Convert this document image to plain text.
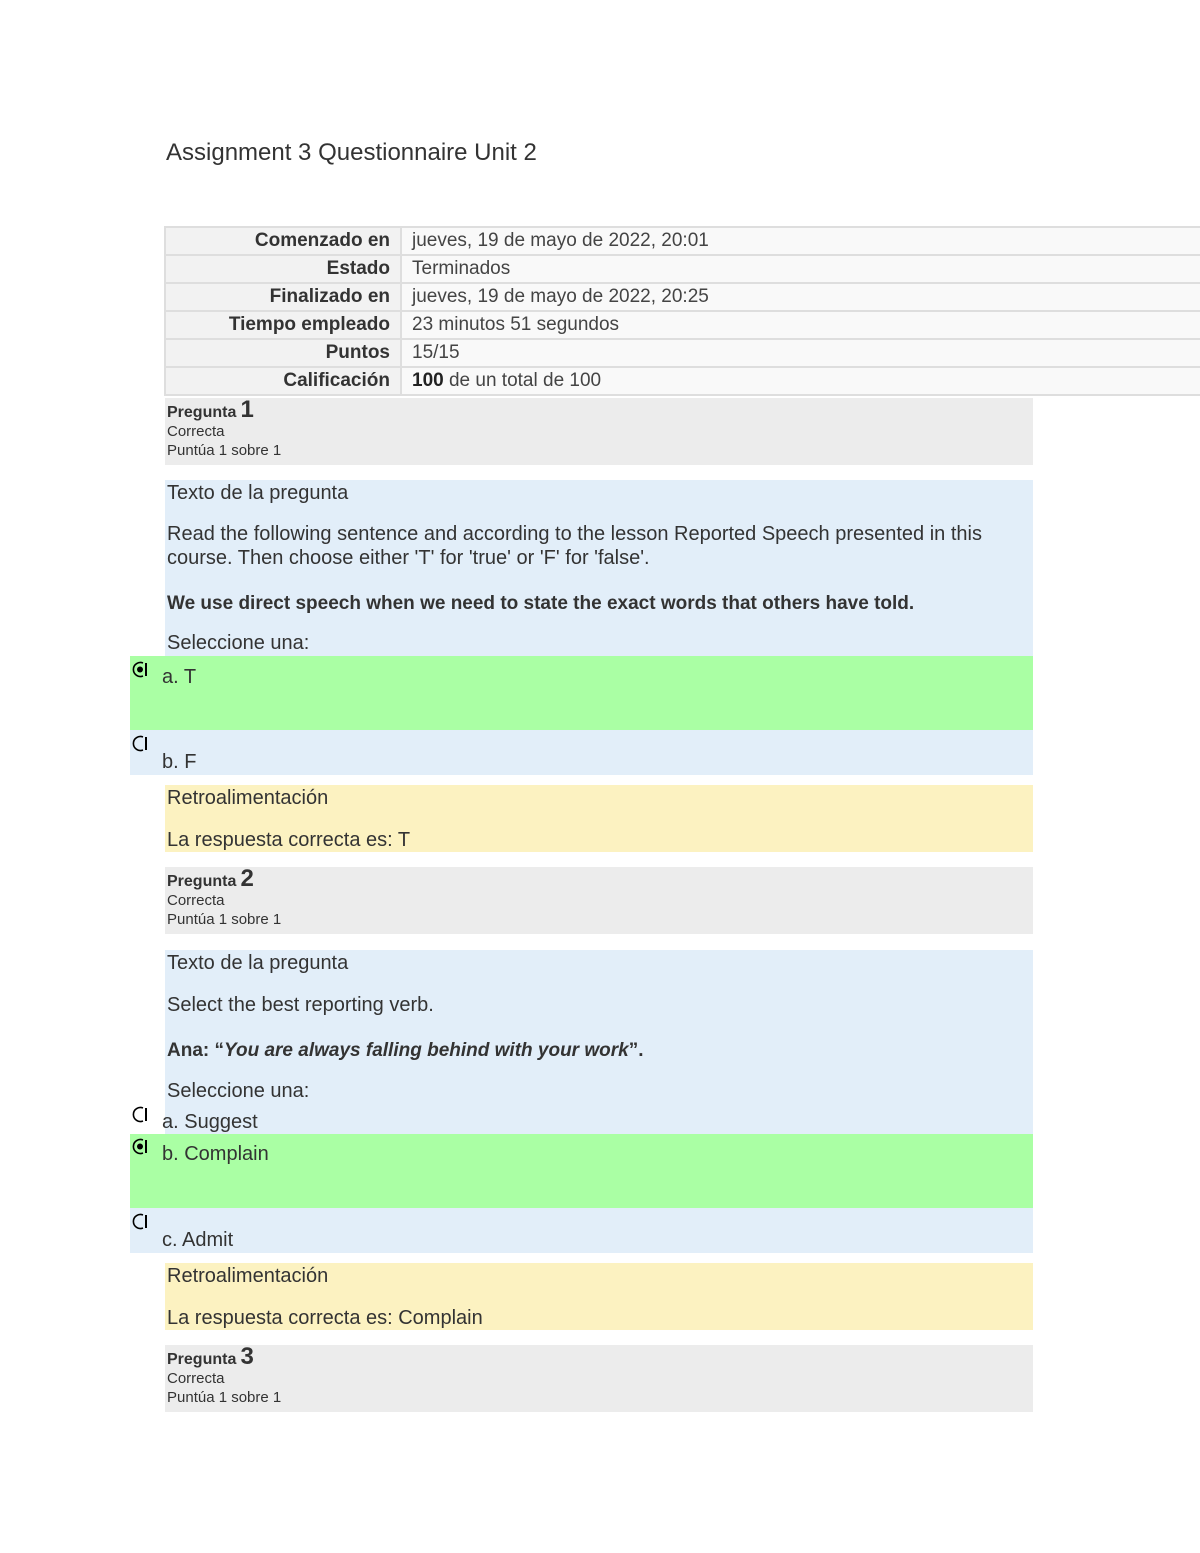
Assignment 3 Questionnaire Unit 2
Comenzado en	jueves, 19 de mayo de 2022, 20:01
Estado	Terminados
Finalizado en	jueves, 19 de mayo de 2022, 20:25
Tiempo empleado	23 minutos 51 segundos
Puntos	15/15
Calificación	100 de un total de 100
Pregunta 1
Correcta
Puntúa 1 sobre 1
Texto de la pregunta
Read the following sentence and according to the lesson Reported Speech presented in this course. Then choose either 'T' for 'true' or 'F' for 'false'.
We use direct speech when we need to state the exact words that others have told.
Seleccione una:
a. T
b. F
Retroalimentación
La respuesta correcta es: T
Pregunta 2
Correcta
Puntúa 1 sobre 1
Texto de la pregunta
Select the best reporting verb.
Ana: “You are always falling behind with your work”.
Seleccione una:
a. Suggest
b. Complain
c. Admit
Retroalimentación
La respuesta correcta es: Complain
Pregunta 3
Correcta
Puntúa 1 sobre 1
